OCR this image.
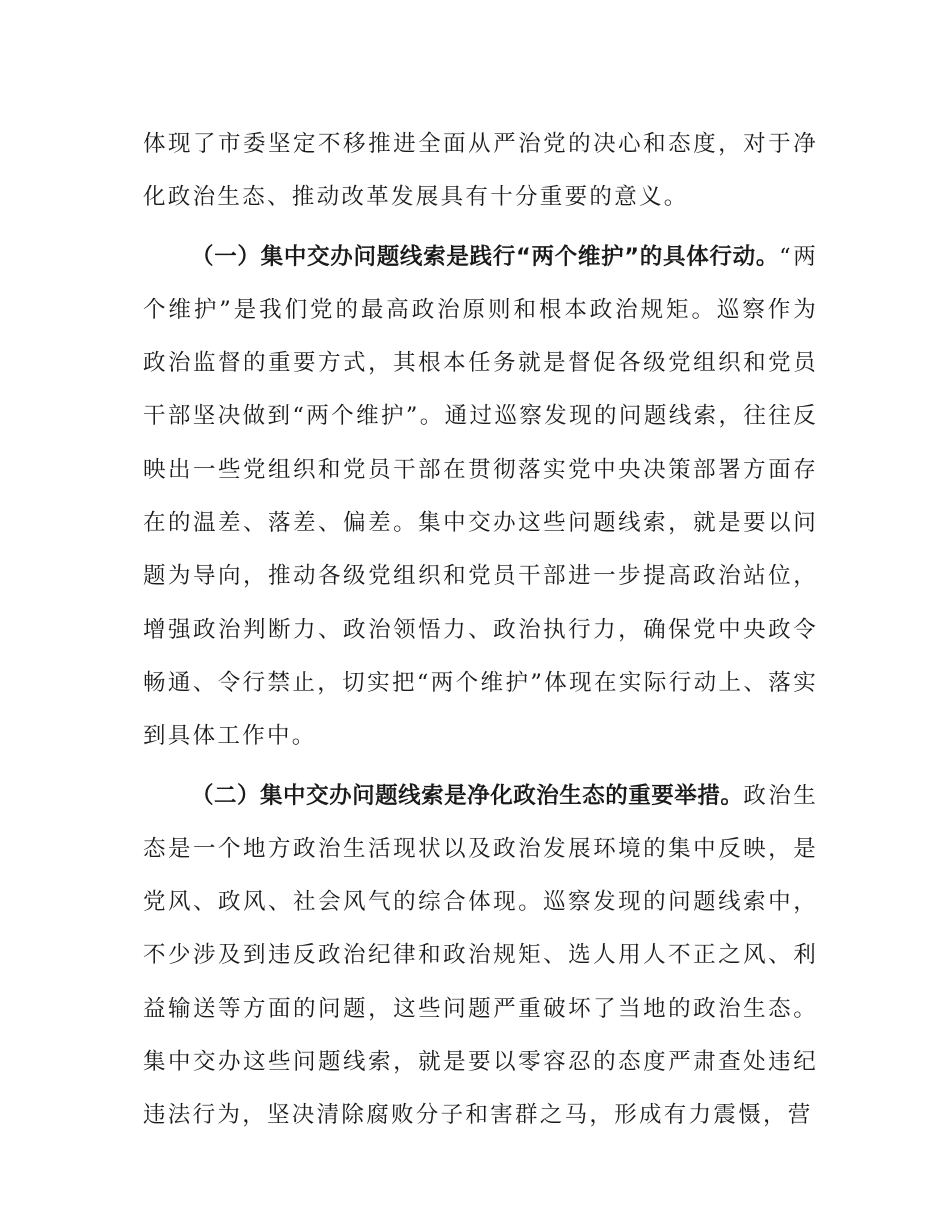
体现了市委坚定不移推进全面从严治党的决心和态度，对于净化政治生态、推动改革发展具有十分重要的意义。

（一）集中交办问题线索是践行“两个维护”的具体行动。“两个维护”是我们党的最高政治原则和根本政治规矩。巡察作为政治监督的重要方式，其根本任务就是督促各级党组织和党员干部坚决做到“两个维护”。通过巡察发现的问题线索，往往反映出一些党组织和党员干部在贯彻落实党中央决策部署方面存在的温差、落差、偏差。集中交办这些问题线索，就是要以问题为导向，推动各级党组织和党员干部进一步提高政治站位，增强政治判断力、政治领悟力、政治执行力，确保党中央政令畅通、令行禁止，切实把“两个维护”体现在实际行动上、落实到具体工作中。

（二）集中交办问题线索是净化政治生态的重要举措。政治生态是一个地方政治生活现状以及政治发展环境的集中反映，是党风、政风、社会风气的综合体现。巡察发现的问题线索中，不少涉及到违反政治纪律和政治规矩、选人用人不正之风、利益输送等方面的问题，这些问题严重破坏了当地的政治生态。集中交办这些问题线索，就是要以零容忍的态度严肃查处违纪违法行为，坚决清除腐败分子和害群之马，形成有力震慑，营
